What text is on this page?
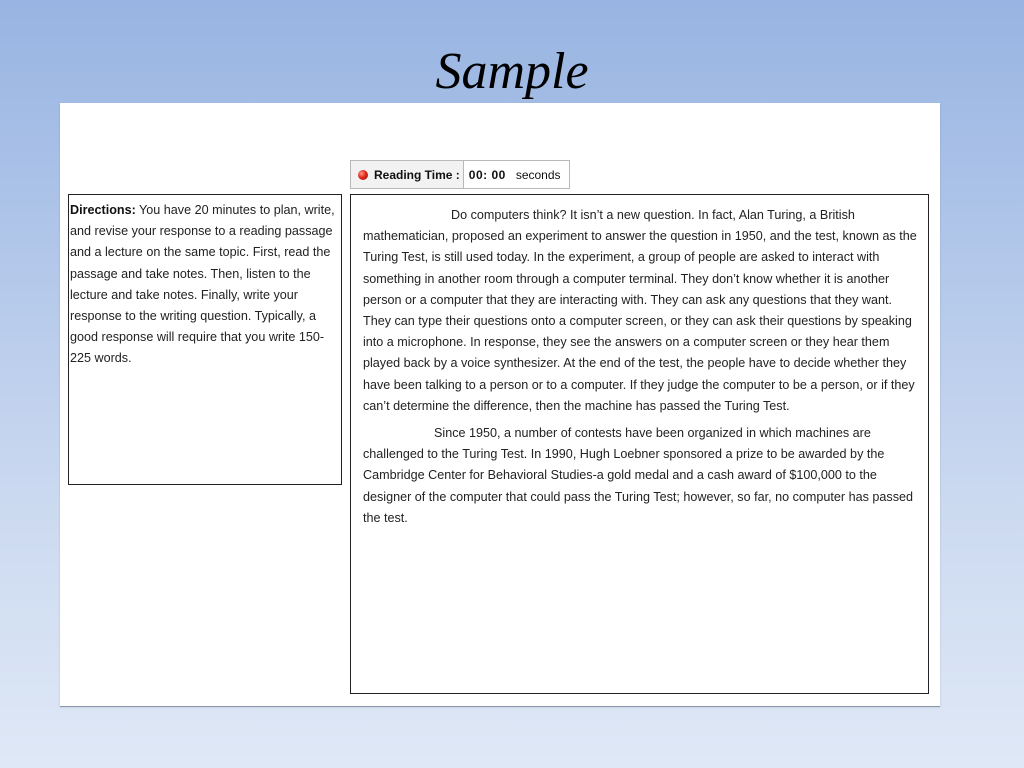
Sample
Reading Time : 00: 00 seconds
Directions: You have 20 minutes to plan, write, and revise your response to a reading passage and a lecture on the same topic. First, read the passage and take notes. Then, listen to the lecture and take notes. Finally, write your response to the writing question. Typically, a good response will require that you write 150-225 words.

Do computers think? It isn’t a new question. In fact, Alan Turing, a British mathematician, proposed an experiment to answer the question in 1950, and the test, known as the Turing Test, is still used today. In the experiment, a group of people are asked to interact with something in another room through a computer terminal. They don’t know whether it is another person or a computer that they are interacting with. They can ask any questions that they want. They can type their questions onto a computer screen, or they can ask their questions by speaking into a microphone. In response, they see the answers on a computer screen or they hear them played back by a voice synthesizer. At the end of the test, the people have to decide whether they have been talking to a person or to a computer. If they judge the computer to be a person, or if they can’t determine the difference, then the machine has passed the Turing Test.

Since 1950, a number of contests have been organized in which machines are challenged to the Turing Test. In 1990, Hugh Loebner sponsored a prize to be awarded by the Cambridge Center for Behavioral Studies-a gold medal and a cash award of $100,000 to the designer of the computer that could pass the Turing Test; however, so far, no computer has passed the test.
